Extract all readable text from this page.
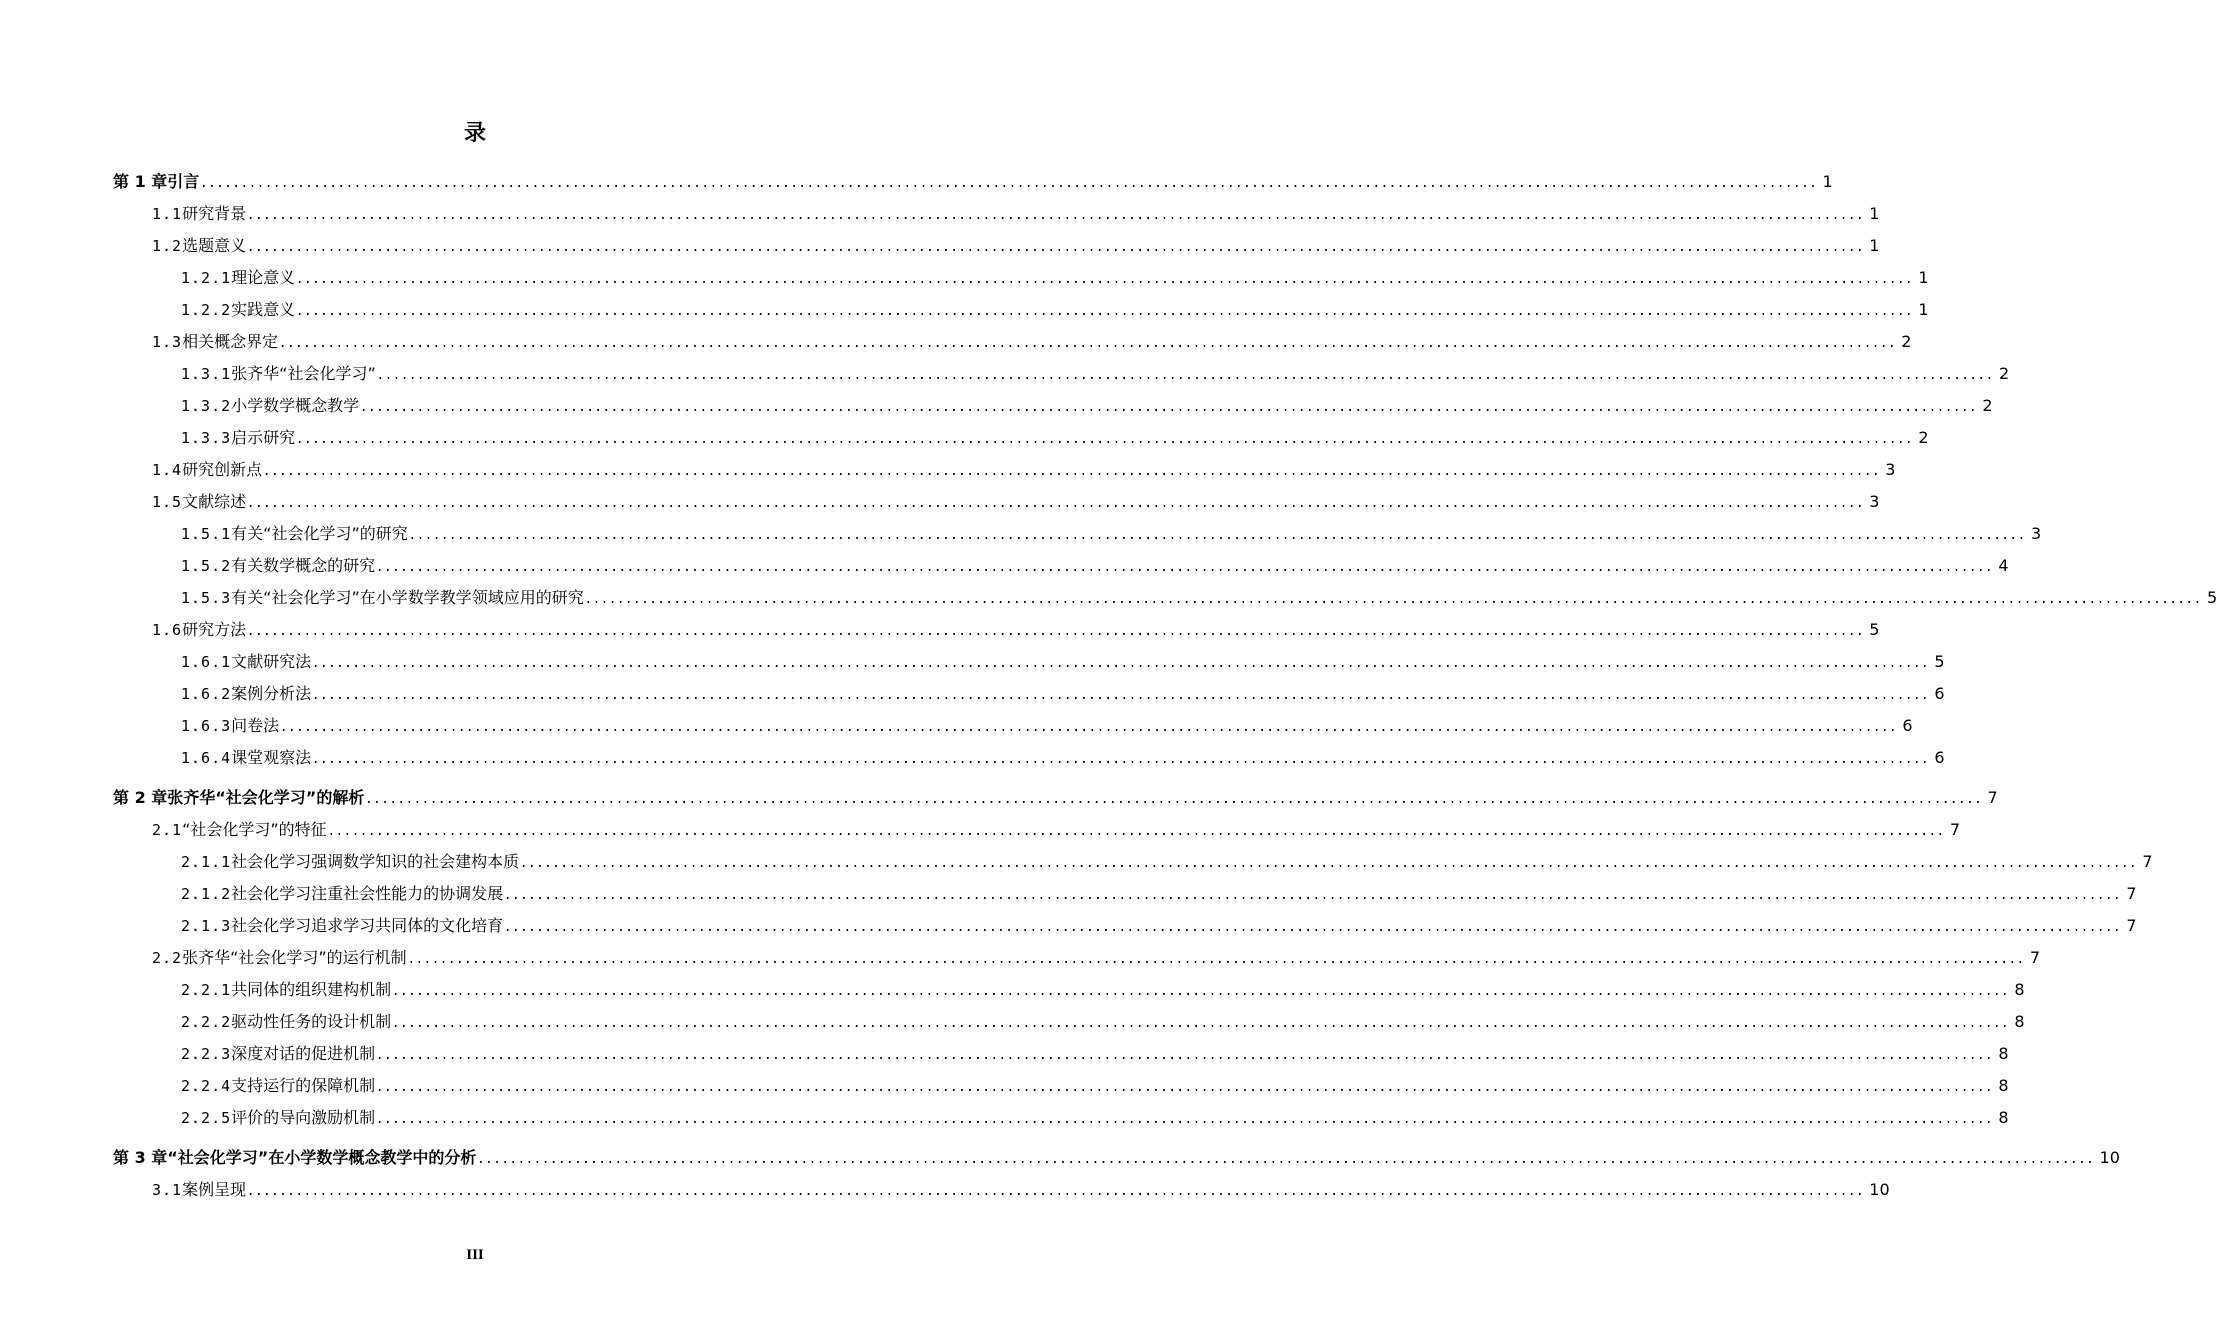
录
第 1 章 引言 ........................................................................................................................................................................................................ 1
1.1 研究背景 ........................................................................................................................................................................................................ 1
1.2 选题意义 ........................................................................................................................................................................................................ 1
1.2.1 理论意义 ........................................................................................................................................................................................................ 1
1.2.2 实践意义 ........................................................................................................................................................................................................ 1
1.3 相关概念界定 ........................................................................................................................................................................................................ 2
1.3.1 张齐华“社会化学习” ........................................................................................................................................................................................................ 2
1.3.2 小学数学概念教学 ........................................................................................................................................................................................................ 2
1.3.3 启示研究 ........................................................................................................................................................................................................ 2
1.4 研究创新点 ........................................................................................................................................................................................................ 3
1.5 文献综述 ........................................................................................................................................................................................................ 3
1.5.1 有关“社会化学习”的研究 ........................................................................................................................................................................................................ 3
1.5.2 有关数学概念的研究 ........................................................................................................................................................................................................ 4
1.5.3 有关“社会化学习”在小学数学教学领域应用的研究 ........................................................................................................................................................................................................ 5
1.6 研究方法 ........................................................................................................................................................................................................ 5
1.6.1 文献研究法 ........................................................................................................................................................................................................ 5
1.6.2 案例分析法 ........................................................................................................................................................................................................ 6
1.6.3 问卷法 ........................................................................................................................................................................................................ 6
1.6.4 课堂观察法 ........................................................................................................................................................................................................ 6
第 2 章 张齐华“社会化学习”的解析 ........................................................................................................................................................................................................ 7
2.1 “社会化学习”的特征 ........................................................................................................................................................................................................ 7
2.1.1 社会化学习强调数学知识的社会建构本质 ........................................................................................................................................................................................................ 7
2.1.2 社会化学习注重社会性能力的协调发展 ........................................................................................................................................................................................................ 7
2.1.3 社会化学习追求学习共同体的文化培育 ........................................................................................................................................................................................................ 7
2.2 张齐华“社会化学习”的运行机制 ........................................................................................................................................................................................................ 7
2.2.1 共同体的组织建构机制 ........................................................................................................................................................................................................ 8
2.2.2 驱动性任务的设计机制 ........................................................................................................................................................................................................ 8
2.2.3 深度对话的促进机制 ........................................................................................................................................................................................................ 8
2.2.4 支持运行的保障机制 ........................................................................................................................................................................................................ 8
2.2.5 评价的导向激励机制 ........................................................................................................................................................................................................ 8
第 3 章 “社会化学习”在小学数学概念教学中的分析 ........................................................................................................................................................................................................ 10
3.1 案例呈现 ........................................................................................................................................................................................................ 10
III
